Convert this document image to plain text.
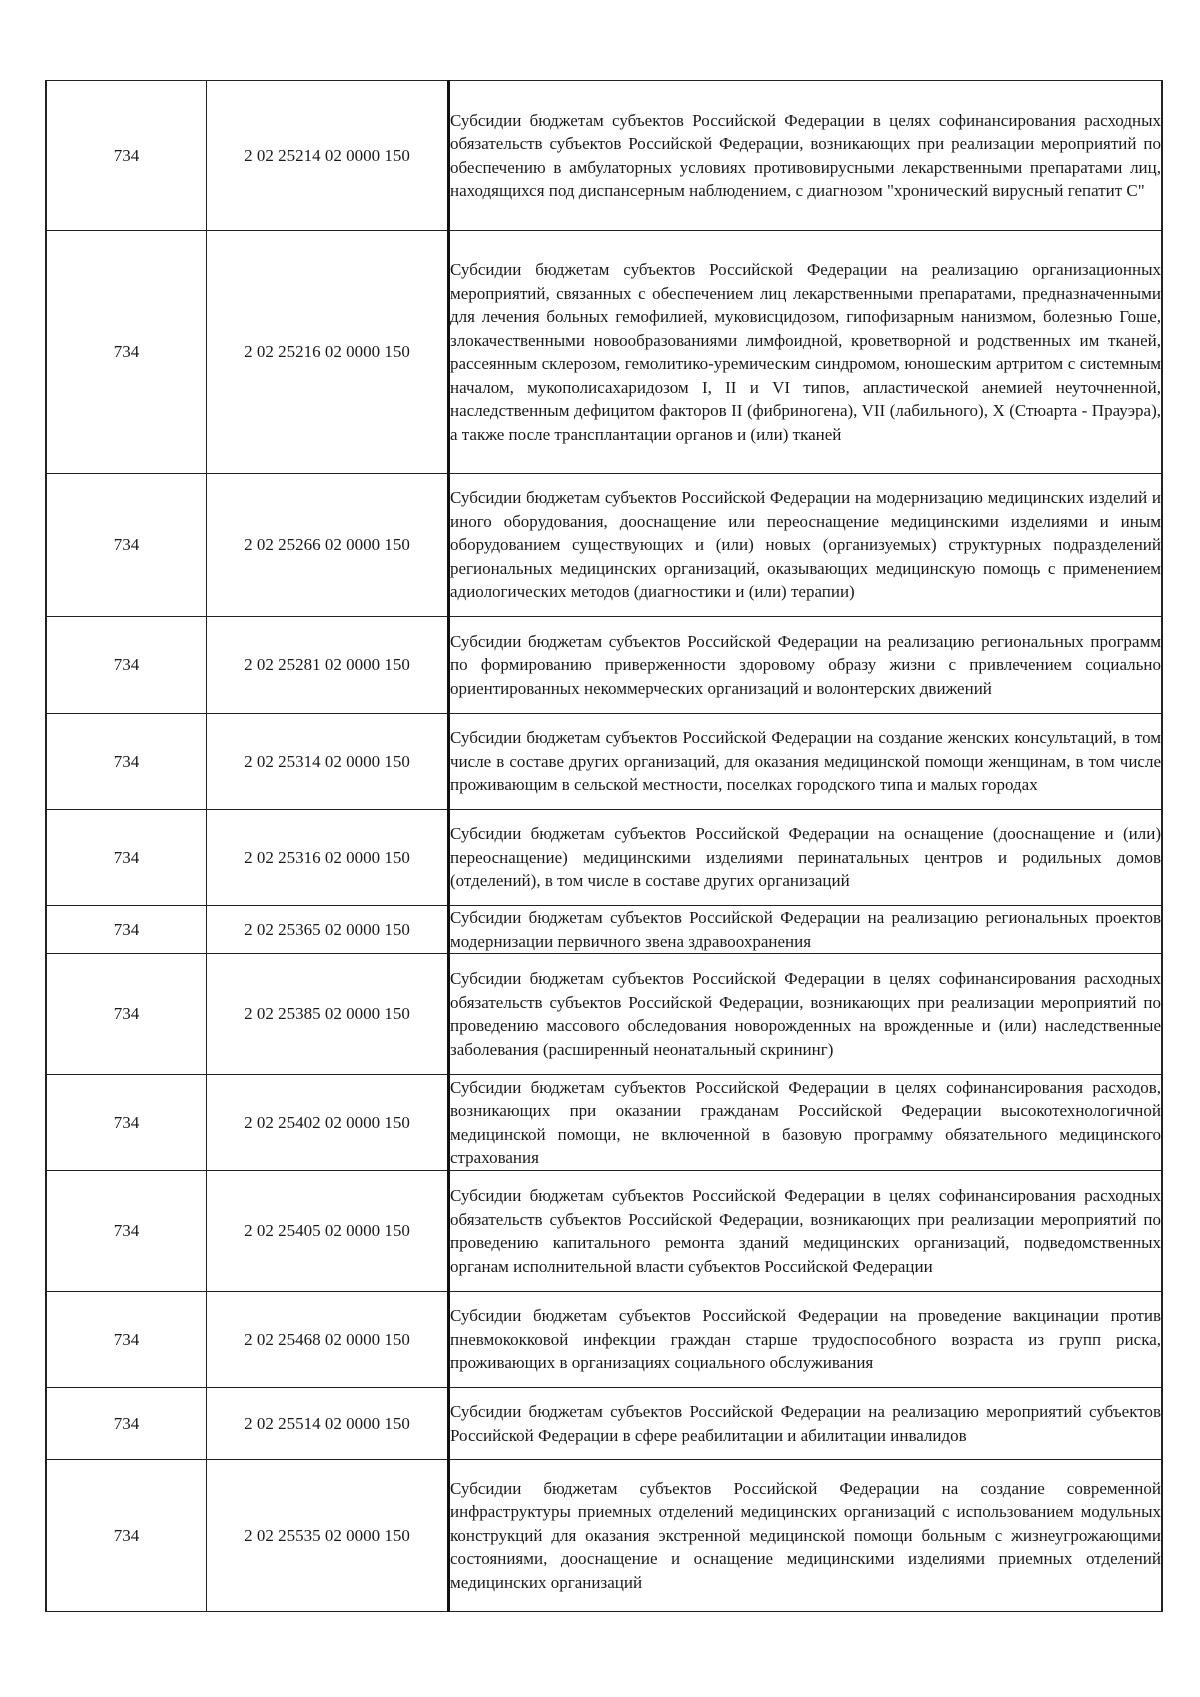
734	2 02 25214 02 0000 150	Субсидии бюджетам субъектов Российской Федерации в целях софинансирования расходных обязательств субъектов Российской Федерации, возникающих при реализации мероприятий по обеспечению в амбулаторных условиях противовирусными лекарственными препаратами лиц, находящихся под диспансерным наблюдением, с диагнозом "хронический вирусный гепатит С"
734	2 02 25216 02 0000 150	Субсидии бюджетам субъектов Российской Федерации на реализацию организационных мероприятий, связанных с обеспечением лиц лекарственными препаратами, предназначенными для лечения больных гемофилией, муковисцидозом, гипофизарным нанизмом, болезнью Гоше, злокачественными новообразованиями лимфоидной, кроветворной и родственных им тканей, рассеянным склерозом, гемолитико-уремическим синдромом, юношеским артритом с системным началом, мукополисахаридозом I, II и VI типов, апластической анемией неуточненной, наследственным дефицитом факторов II (фибриногена), VII (лабильного), X (Стюарта - Прауэра), а также после трансплантации органов и (или) тканей
734	2 02 25266 02 0000 150	Субсидии бюджетам субъектов Российской Федерации на модернизацию медицинских изделий и иного оборудования, дооснащение или переоснащение медицинскими изделиями и иным оборудованием существующих и (или) новых (организуемых) структурных подразделений региональных медицинских организаций, оказывающих медицинскую помощь с применением адиологических методов (диагностики и (или) терапии)
734	2 02 25281 02 0000 150	Субсидии бюджетам субъектов Российской Федерации на реализацию региональных программ по формированию приверженности здоровому образу жизни с привлечением социально ориентированных некоммерческих организаций и волонтерских движений
734	2 02 25314 02 0000 150	Субсидии бюджетам субъектов Российской Федерации на создание женских консультаций, в том числе в составе других организаций, для оказания медицинской помощи женщинам, в том числе проживающим в сельской местности, поселках городского типа и малых городах
734	2 02 25316 02 0000 150	Субсидии бюджетам субъектов Российской Федерации на оснащение (дооснащение и (или) переоснащение) медицинскими изделиями перинатальных центров и родильных домов (отделений), в том числе в составе других организаций
734	2 02 25365 02 0000 150	Субсидии бюджетам субъектов Российской Федерации на реализацию региональных проектов модернизации первичного звена здравоохранения
734	2 02 25385 02 0000 150	Субсидии бюджетам субъектов Российской Федерации в целях софинансирования расходных обязательств субъектов Российской Федерации, возникающих при реализации мероприятий по проведению массового обследования новорожденных на врожденные и (или) наследственные заболевания (расширенный неонатальный скрининг)
734	2 02 25402 02 0000 150	Субсидии бюджетам субъектов Российской Федерации в целях софинансирования расходов, возникающих при оказании гражданам Российской Федерации высокотехнологичной медицинской помощи, не включенной в базовую программу обязательного медицинского страхования
734	2 02 25405 02 0000 150	Субсидии бюджетам субъектов Российской Федерации в целях софинансирования расходных обязательств субъектов Российской Федерации, возникающих при реализации мероприятий по проведению капитального ремонта зданий медицинских организаций, подведомственных органам исполнительной власти субъектов Российской Федерации
734	2 02 25468 02 0000 150	Субсидии бюджетам субъектов Российской Федерации на проведение вакцинации против пневмококковой инфекции граждан старше трудоспособного возраста из групп риска, проживающих в организациях социального обслуживания
734	2 02 25514 02 0000 150	Субсидии бюджетам субъектов Российской Федерации на реализацию мероприятий субъектов Российской Федерации в сфере реабилитации и абилитации инвалидов
734	2 02 25535 02 0000 150	Субсидии бюджетам субъектов Российской Федерации на создание современной инфраструктуры приемных отделений медицинских организаций с использованием модульных конструкций для оказания экстренной медицинской помощи больным с жизнеугрожающими состояниями, дооснащение и оснащение медицинскими изделиями приемных отделений медицинских организаций
